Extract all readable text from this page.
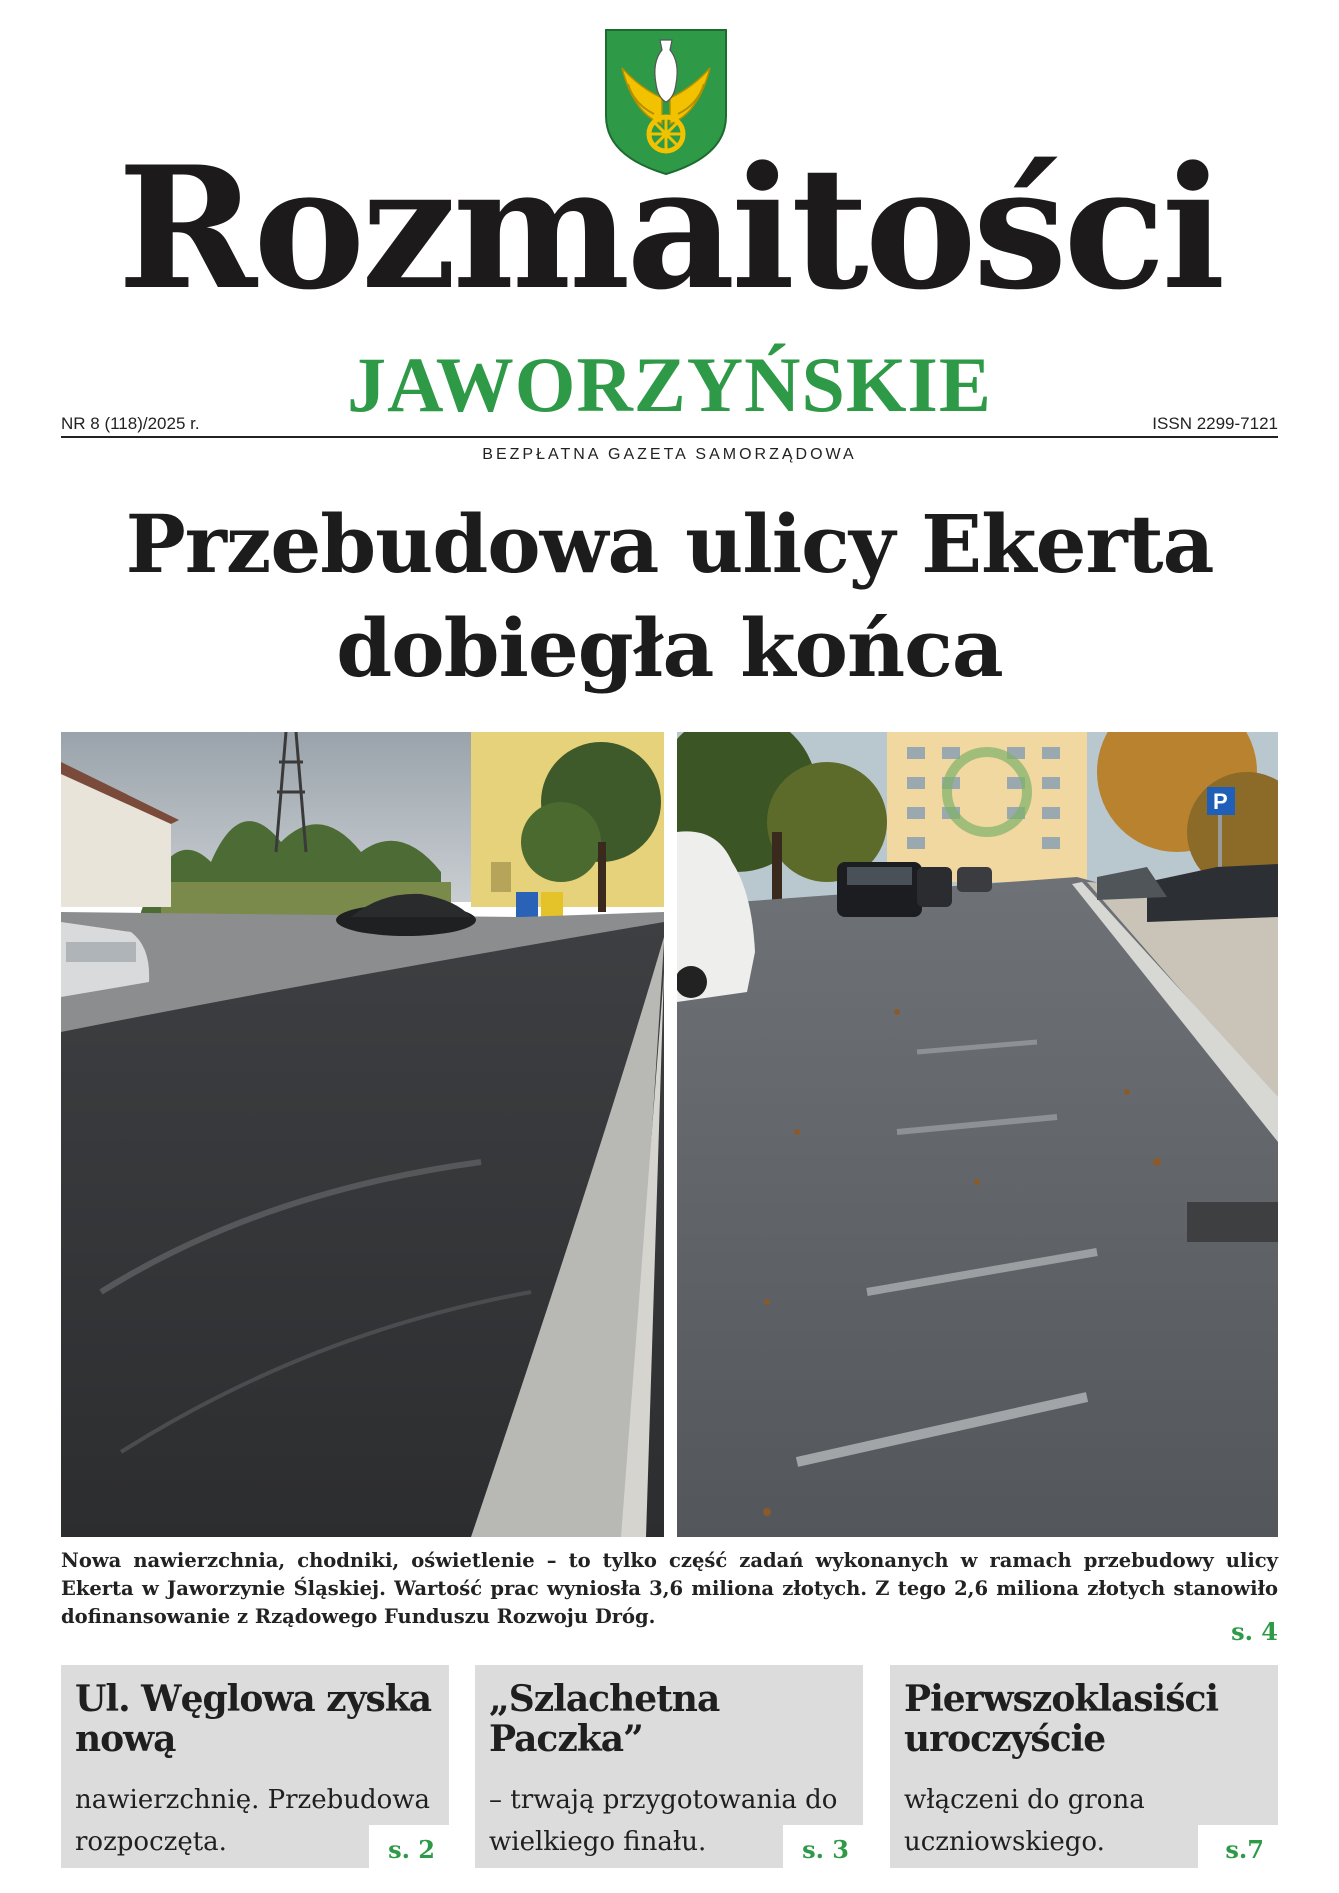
Rozmaitości
JAWORZYŃSKIE
NR 8 (118)/2025 r.	ISSN 2299-7121
BEZPŁATNA GAZETA SAMORZĄDOWA
Przebudowa ulicy Ekerta
dobiegła końca
P
Nowa nawierzchnia, chodniki, oświetlenie – to tylko część zadań wykonanych w ramach przebudowy ulicy Ekerta w Jaworzynie Śląskiej. Wartość prac wyniosła 3,6 miliona złotych. Z tego 2,6 miliona złotych stanowiło dofinansowanie z Rządowego Funduszu Rozwoju Dróg.
s. 4
Ul. Węglowa zyska nową
nawierzchnię. Przebudowa rozpoczęta.	s. 2
„Szlachetna Paczka”
– trwają przygotowania do wielkiego finału.	s. 3
Pierwszoklasiści uroczyście
włączeni do grona uczniowskiego.	s.7
